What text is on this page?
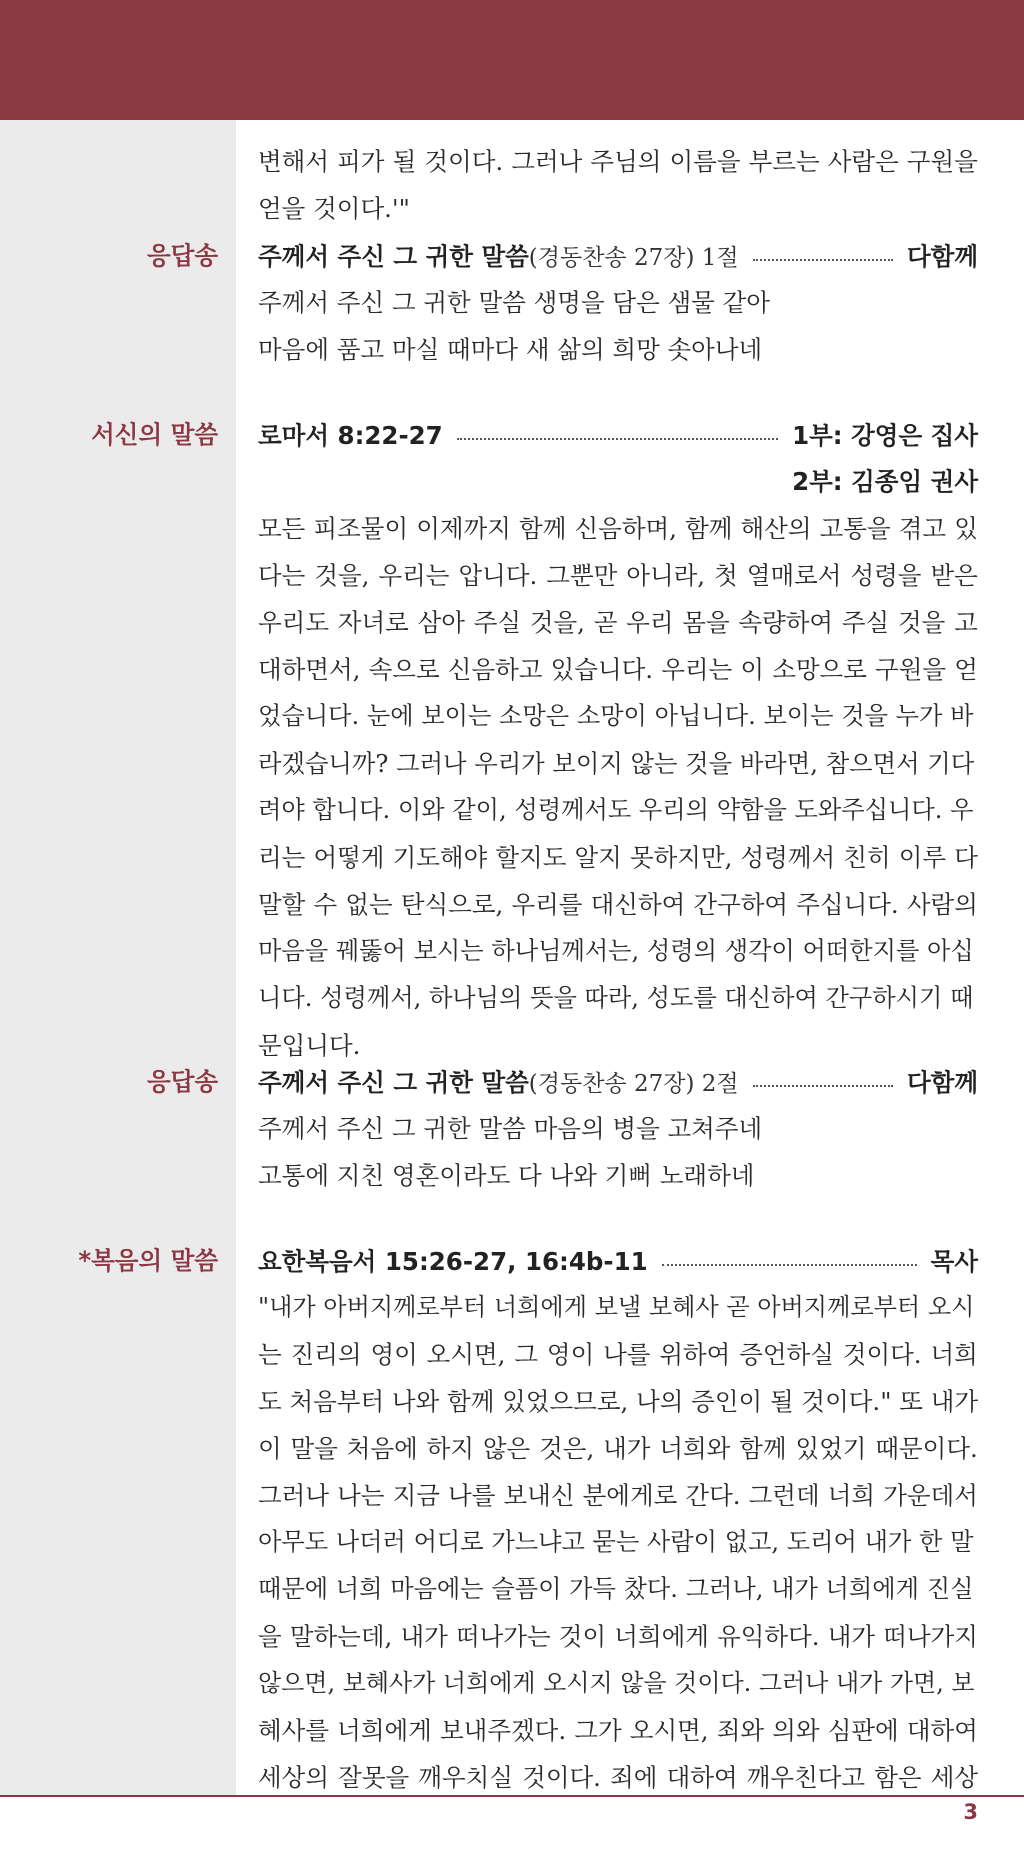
변해서 피가 될 것이다. 그러나 주님의 이름을 부르는 사람은 구원을
얻을 것이다.'"
응답송 주께서 주신 그 귀한 말씀 (경동찬송 27장) 1절	다함께
주께서 주신 그 귀한 말씀 생명을 담은 샘물 같아
마음에 품고 마실 때마다 새 삶의 희망 솟아나네
서신의 말씀 로마서 8:22-27	1부: 강영은 집사
2부: 김종임 권사
모든 피조물이 이제까지 함께 신음하며, 함께 해산의 고통을 겪고 있
다는 것을, 우리는 압니다. 그뿐만 아니라, 첫 열매로서 성령을 받은
우리도 자녀로 삼아 주실 것을, 곧 우리 몸을 속량하여 주실 것을 고
대하면서, 속으로 신음하고 있습니다. 우리는 이 소망으로 구원을 얻
었습니다. 눈에 보이는 소망은 소망이 아닙니다. 보이는 것을 누가 바
라겠습니까? 그러나 우리가 보이지 않는 것을 바라면, 참으면서 기다
려야 합니다. 이와 같이, 성령께서도 우리의 약함을 도와주십니다. 우
리는 어떻게 기도해야 할지도 알지 못하지만, 성령께서 친히 이루 다
말할 수 없는 탄식으로, 우리를 대신하여 간구하여 주십니다. 사람의
마음을 꿰뚫어 보시는 하나님께서는, 성령의 생각이 어떠한지를 아십
니다. 성령께서, 하나님의 뜻을 따라, 성도를 대신하여 간구하시기 때
문입니다.
응답송 주께서 주신 그 귀한 말씀 (경동찬송 27장) 2절	다함께
주께서 주신 그 귀한 말씀 마음의 병을 고쳐주네
고통에 지친 영혼이라도 다 나와 기뻐 노래하네
*복음의 말씀 요한복음서 15:26-27, 16:4b-11	목사
"내가 아버지께로부터 너희에게 보낼 보혜사 곧 아버지께로부터 오시
는 진리의 영이 오시면, 그 영이 나를 위하여 증언하실 것이다. 너희
도 처음부터 나와 함께 있었으므로, 나의 증인이 될 것이다." 또 내가
이 말을 처음에 하지 않은 것은, 내가 너희와 함께 있었기 때문이다.
그러나 나는 지금 나를 보내신 분에게로 간다. 그런데 너희 가운데서
아무도 나더러 어디로 가느냐고 묻는 사람이 없고, 도리어 내가 한 말
때문에 너희 마음에는 슬픔이 가득 찼다. 그러나, 내가 너희에게 진실
을 말하는데, 내가 떠나가는 것이 너희에게 유익하다. 내가 떠나가지
않으면, 보혜사가 너희에게 오시지 않을 것이다. 그러나 내가 가면, 보
혜사를 너희에게 보내주겠다. 그가 오시면, 죄와 의와 심판에 대하여
세상의 잘못을 깨우치실 것이다. 죄에 대하여 깨우친다고 함은 세상
3
